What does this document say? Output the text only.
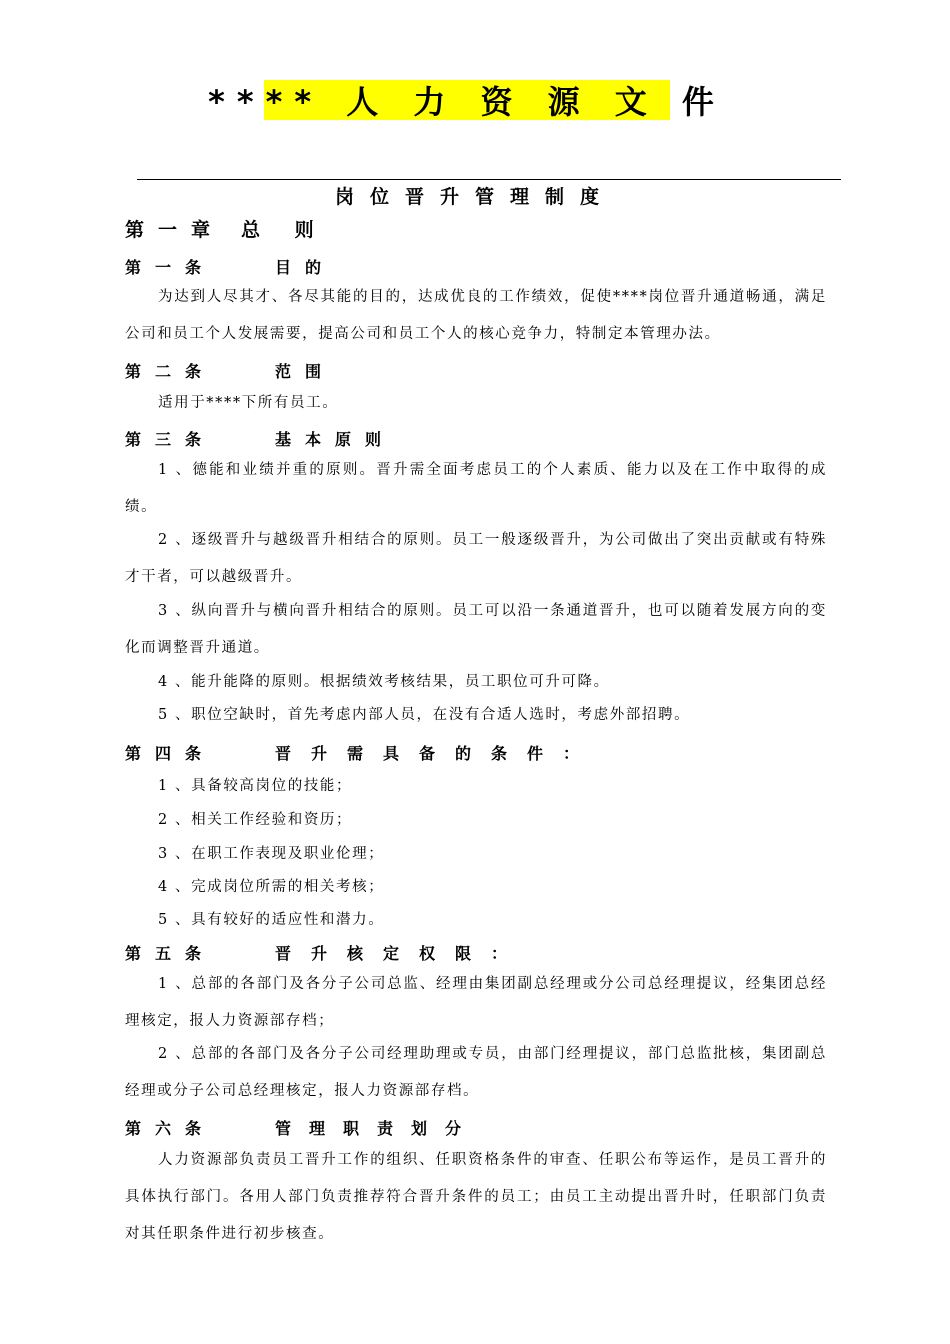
**** 人 力 资 源 文 件
岗位晋升管理制度
第一章 总 则
第一条	目的
为达到人尽其才、各尽其能的目的，达成优良的工作绩效，促使****岗位晋升通道畅通，满足公司和员工个人发展需要，提高公司和员工个人的核心竞争力，特制定本管理办法。
第二条	范围
适用于****下所有员工。
第三条	基本原则
1 、德能和业绩并重的原则。晋升需全面考虑员工的个人素质、能力以及在工作中取得的成绩。
2 、逐级晋升与越级晋升相结合的原则。员工一般逐级晋升，为公司做出了突出贡献或有特殊才干者，可以越级晋升。
3 、纵向晋升与横向晋升相结合的原则。员工可以沿一条通道晋升，也可以随着发展方向的变化而调整晋升通道。
4 、能升能降的原则。根据绩效考核结果，员工职位可升可降。
5 、职位空缺时，首先考虑内部人员，在没有合适人选时，考虑外部招聘。
第四条	晋升需具备的条件：
1 、具备较高岗位的技能；
2 、相关工作经验和资历；
3 、在职工作表现及职业伦理；
4 、完成岗位所需的相关考核；
5 、具有较好的适应性和潜力。
第五条	晋升核定权限：
1 、总部的各部门及各分子公司总监、经理由集团副总经理或分公司总经理提议，经集团总经理核定，报人力资源部存档；
2 、总部的各部门及各分子公司经理助理或专员，由部门经理提议，部门总监批核，集团副总经理或分子公司总经理核定，报人力资源部存档。
第六条	管理职责划分
人力资源部负责员工晋升工作的组织、任职资格条件的审查、任职公布等运作，是员工晋升的具体执行部门。各用人部门负责推荐符合晋升条件的员工；由员工主动提出晋升时，任职部门负责对其任职条件进行初步核查。
